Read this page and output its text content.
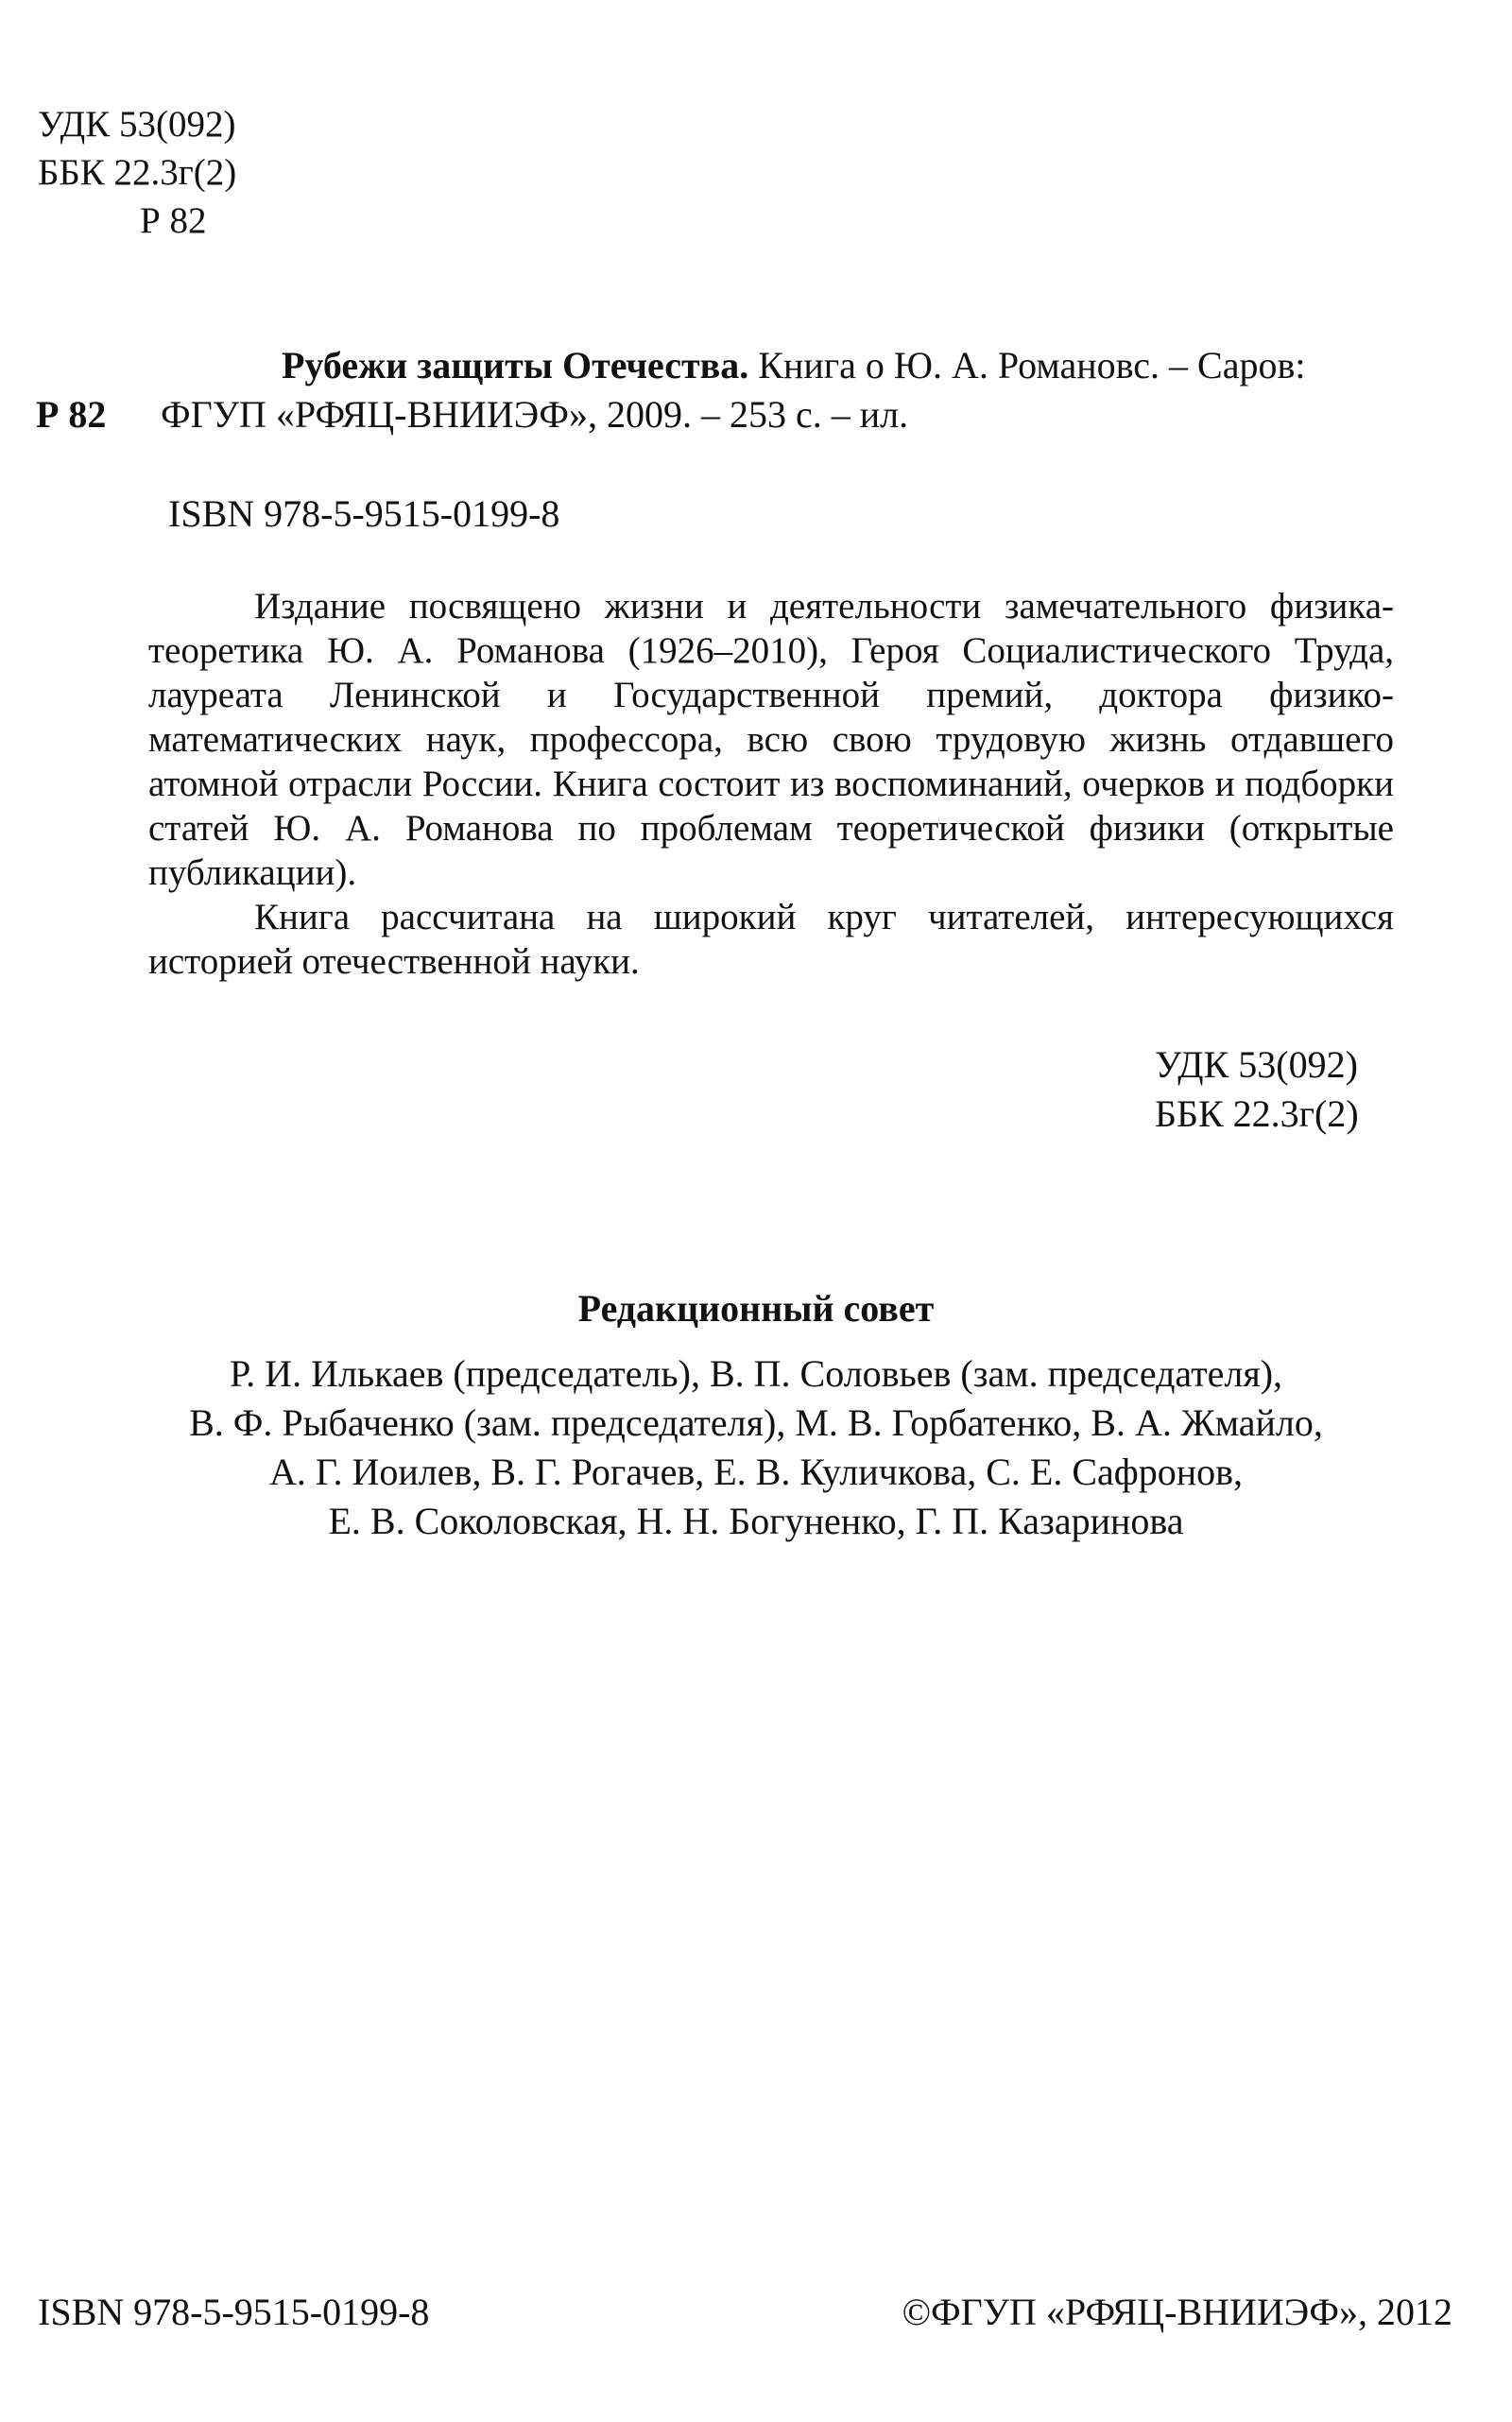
УДК 53(092)
ББК 22.3г(2)
Р 82
Рубежи защиты Отечества. Книга о Ю. А. Романовс. – Саров:
Р 82 ФГУП «РФЯЦ-ВНИИЭФ», 2009. – 253 с. – ил.
ISBN 978-5-9515-0199-8

Издание посвящено жизни и деятельности замечательного физика-теоретика Ю. А. Романова (1926–2010), Героя Социалистического Труда, лауреата Ленинской и Государственной премий, доктора физико-математических наук, профессора, всю свою трудовую жизнь отдавшего атомной отрасли России. Книга состоит из воспоминаний, очерков и подборки статей Ю. А. Романова по проблемам теоретической физики (открытые публикации).

Книга рассчитана на широкий круг читателей, интересующихся историей отечественной науки.

УДК 53(092)
ББК 22.3г(2)
Редакционный совет
Р. И. Илькаев (председатель), В. П. Соловьев (зам. председателя),
В. Ф. Рыбаченко (зам. председателя), М. В. Горбатенко, В. А. Жмайло,
А. Г. Иоилев, В. Г. Рогачев, Е. В. Куличкова, С. Е. Сафронов,
Е. В. Соколовская, Н. Н. Богуненко, Г. П. Казаринова
ISBN 978-5-9515-0199-8	©ФГУП «РФЯЦ-ВНИИЭФ», 2012
